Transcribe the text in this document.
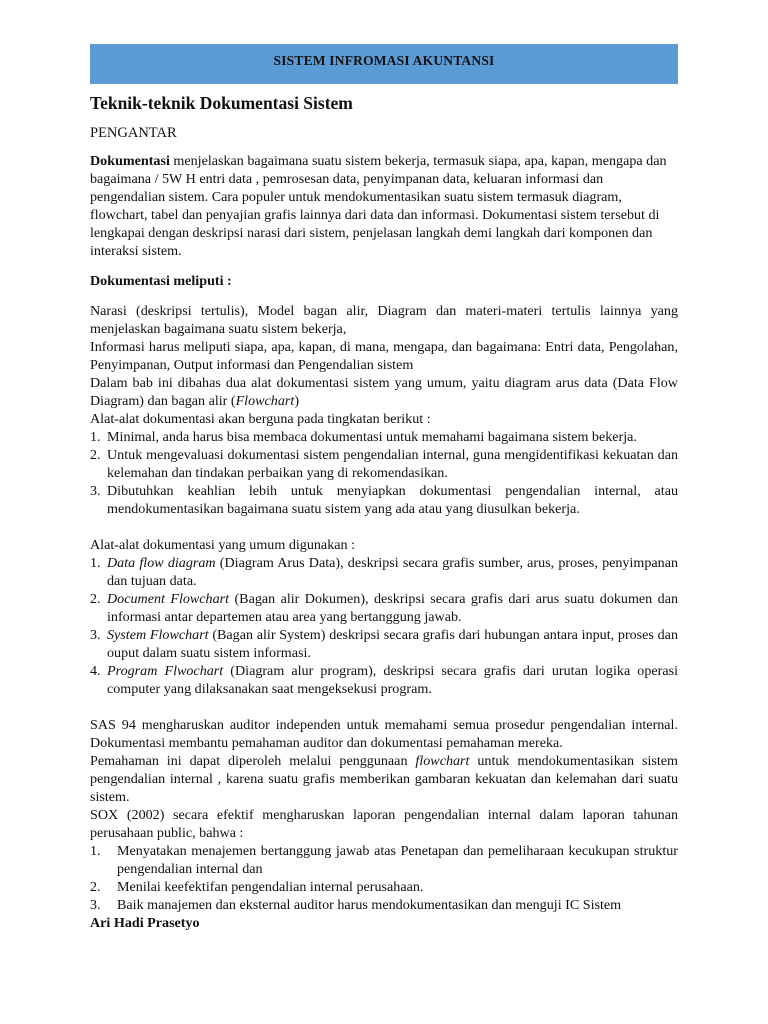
SISTEM INFROMASI AKUNTANSI
Teknik-teknik Dokumentasi Sistem
PENGANTAR

Dokumentasi menjelaskan bagaimana suatu sistem bekerja, termasuk siapa, apa, kapan, mengapa dan bagaimana / 5W H entri data , pemrosesan data, penyimpanan data, keluaran informasi dan pengendalian sistem. Cara populer untuk mendokumentasikan suatu sistem termasuk diagram, flowchart, tabel dan penyajian grafis lainnya dari data dan informasi. Dokumentasi sistem tersebut di lengkapai dengan deskripsi narasi dari sistem, penjelasan langkah demi langkah dari komponen dan interaksi sistem.

Dokumentasi meliputi :

Narasi (deskripsi tertulis), Model bagan alir, Diagram dan materi-materi tertulis lainnya yang menjelaskan bagaimana suatu sistem bekerja,

Informasi harus meliputi siapa, apa, kapan, di mana, mengapa, dan bagaimana: Entri data, Pengolahan, Penyimpanan, Output informasi dan Pengendalian sistem

Dalam bab ini dibahas dua alat dokumentasi sistem yang umum, yaitu diagram arus data (Data Flow Diagram) dan bagan alir (Flowchart)

Alat-alat dokumentasi akan berguna pada tingkatan berikut :

1. Minimal, anda harus bisa membaca dokumentasi untuk memahami bagaimana sistem bekerja.
2. Untuk mengevaluasi dokumentasi sistem pengendalian internal, guna mengidentifikasi kekuatan dan kelemahan dan tindakan perbaikan yang di rekomendasikan.
3. Dibutuhkan keahlian lebih untuk menyiapkan dokumentasi pengendalian internal, atau mendokumentasikan bagaimana suatu sistem yang ada atau yang diusulkan bekerja.

Alat-alat dokumentasi yang umum digunakan :

1. Data flow diagram (Diagram Arus Data), deskripsi secara grafis sumber, arus, proses, penyimpanan dan tujuan data.
2. Document Flowchart (Bagan alir Dokumen), deskripsi secara grafis dari arus suatu dokumen dan informasi antar departemen atau area yang bertanggung jawab.
3. System Flowchart (Bagan alir System) deskripsi secara grafis dari hubungan antara input, proses dan ouput dalam suatu sistem informasi.
4. Program Flwochart (Diagram alur program), deskripsi secara grafis dari urutan logika operasi computer yang dilaksanakan saat mengeksekusi program.

SAS 94 mengharuskan auditor independen untuk memahami semua prosedur pengendalian internal. Dokumentasi membantu pemahaman auditor dan dokumentasi pemahaman mereka.

Pemahaman ini dapat diperoleh melalui penggunaan flowchart untuk mendokumentasikan sistem pengendalian internal , karena suatu grafis memberikan gambaran kekuatan dan kelemahan dari suatu sistem.

SOX (2002) secara efektif mengharuskan laporan pengendalian internal dalam laporan tahunan perusahaan public, bahwa :

1. Menyatakan menajemen bertanggung jawab atas Penetapan dan pemeliharaan kecukupan struktur pengendalian internal dan
2. Menilai keefektifan pengendalian internal perusahaan.
3. Baik manajemen dan eksternal auditor harus mendokumentasikan dan menguji IC Sistem

Ari Hadi Prasetyo
